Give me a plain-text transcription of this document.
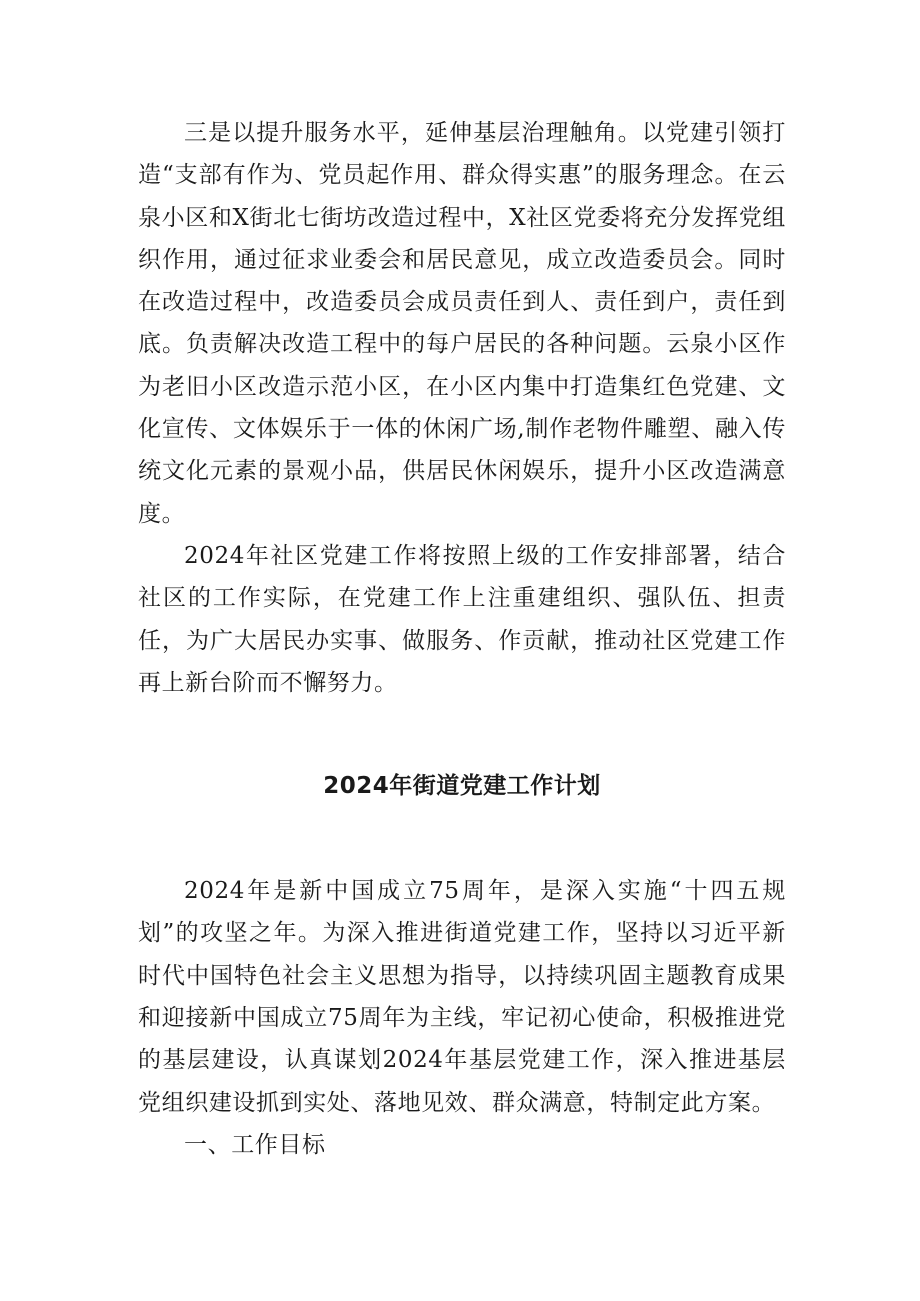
三是以提升服务水平，延伸基层治理触角。以党建引领打造“支部有作为、党员起作用、群众得实惠”的服务理念。在云泉小区和X街北七街坊改造过程中，X社区党委将充分发挥党组织作用，通过征求业委会和居民意见，成立改造委员会。同时在改造过程中，改造委员会成员责任到人、责任到户，责任到底。负责解决改造工程中的每户居民的各种问题。云泉小区作为老旧小区改造示范小区，在小区内集中打造集红色党建、文化宣传、文体娱乐于一体的休闲广场,制作老物件雕塑、融入传统文化元素的景观小品，供居民休闲娱乐，提升小区改造满意度。

2024年社区党建工作将按照上级的工作安排部署，结合社区的工作实际，在党建工作上注重建组织、强队伍、担责任，为广大居民办实事、做服务、作贡献，推动社区党建工作再上新台阶而不懈努力。

2024年街道党建工作计划

2024年是新中国成立75周年，是深入实施“十四五规划”的攻坚之年。为深入推进街道党建工作，坚持以习近平新时代中国特色社会主义思想为指导，以持续巩固主题教育成果和迎接新中国成立75周年为主线，牢记初心使命，积极推进党的基层建设，认真谋划2024年基层党建工作，深入推进基层党组织建设抓到实处、落地见效、群众满意，特制定此方案。

一、工作目标
